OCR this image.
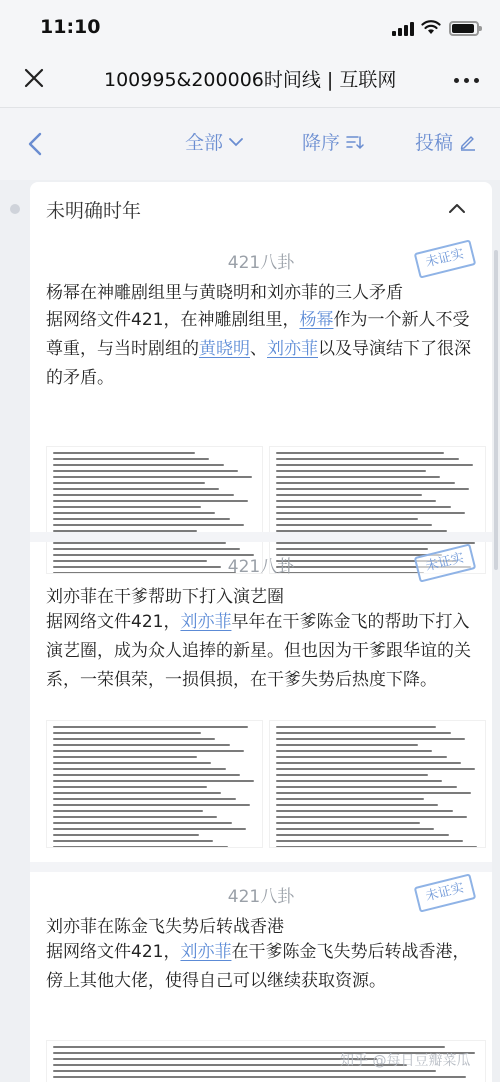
11:10
100995&200006时间线 | 互联网
全部	降序	投稿
未明确时年
421八卦	未证实
杨幂在神雕剧组里与黄晓明和刘亦菲的三人矛盾
据网络文件421，在神雕剧组里，杨幂作为一个新人不受尊重，与当时剧组的黄晓明、刘亦菲以及导演结下了很深的矛盾。
421八卦	未证实
刘亦菲在干爹帮助下打入演艺圈
据网络文件421，刘亦菲早年在干爹陈金飞的帮助下打入演艺圈，成为众人追捧的新星。但也因为干爹跟华谊的关系，一荣俱荣，一损俱损，在干爹失势后热度下降。
421八卦	未证实
刘亦菲在陈金飞失势后转战香港
据网络文件421，刘亦菲在干爹陈金飞失势后转战香港，傍上其他大佬，使得自己可以继续获取资源。
知乎 @每日豆瓣菜瓜
